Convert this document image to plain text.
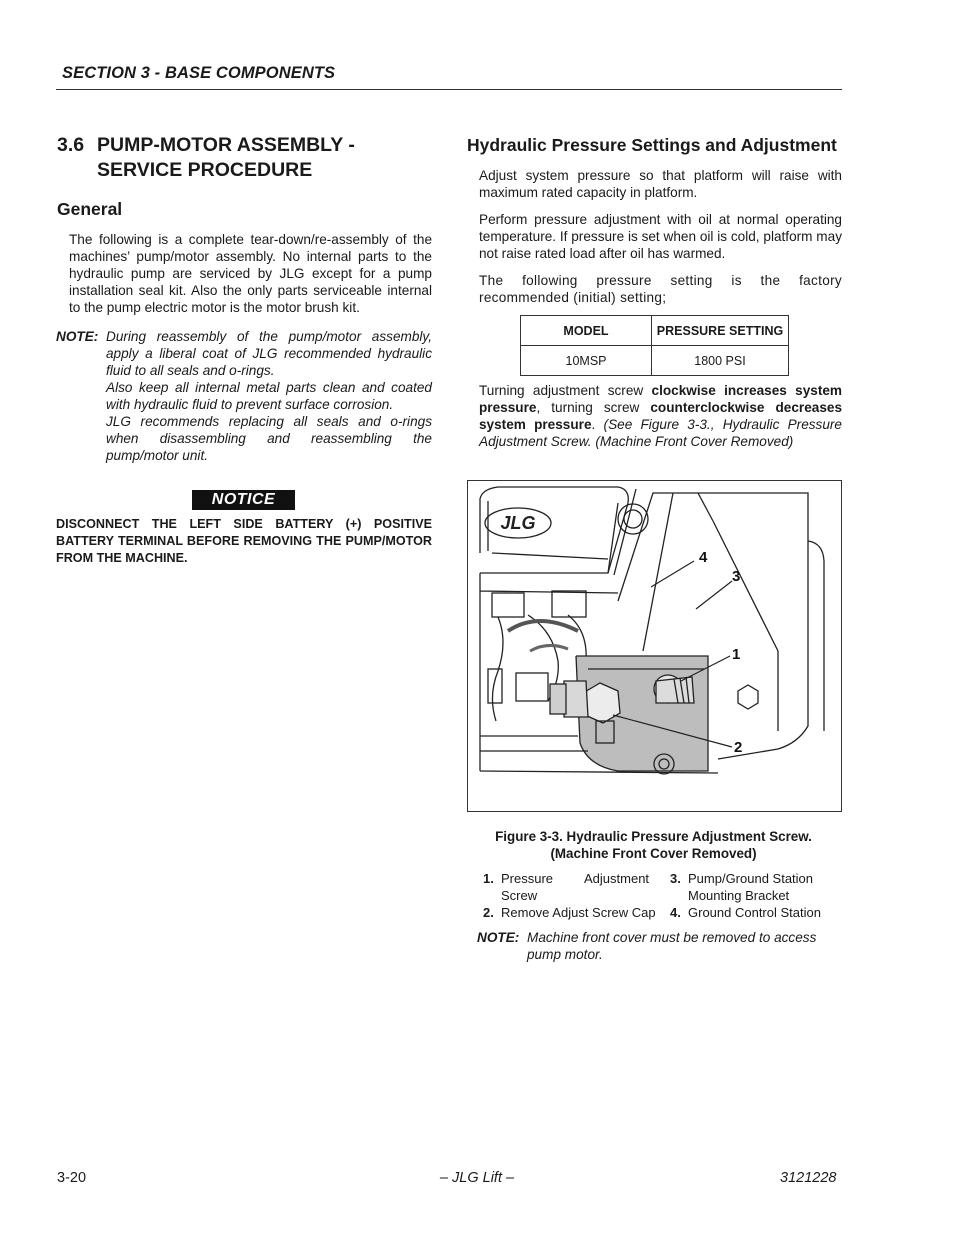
SECTION 3 - BASE COMPONENTS
3.6 PUMP-MOTOR ASSEMBLY -
SERVICE PROCEDURE
General
The following is a complete tear-down/re-assembly of the machines’ pump/motor assembly. No internal parts to the hydraulic pump are serviced by JLG except for a pump installation seal kit. Also the only parts serviceable internal to the pump electric motor is the motor brush kit.
NOTE: During reassembly of the pump/motor assembly, apply a liberal coat of JLG recommended hydraulic fluid to all seals and o-rings.

Also keep all internal metal parts clean and coated with hydraulic fluid to prevent surface corrosion.

JLG recommends replacing all seals and o-rings when disassembling and reassembling the pump/motor unit.

NOTICE
DISCONNECT THE LEFT SIDE BATTERY (+) POSITIVE BATTERY TERMINAL BEFORE REMOVING THE PUMP/MOTOR FROM THE MACHINE.
Hydraulic Pressure Settings and Adjustment
Adjust system pressure so that platform will raise with maximum rated capacity in platform.
Perform pressure adjustment with oil at normal operating temperature. If pressure is set when oil is cold, platform may not raise rated load after oil has warmed.
The following pressure setting is the factory recommended (initial) setting;
MODEL	PRESSURE SETTING
10MSP	1800 PSI
Turning adjustment screw clockwise increases system pressure, turning screw counterclockwise decreases system pressure. (See Figure 3-3., Hydraulic Pressure Adjustment Screw. (Machine Front Cover Removed)
JLG
4
3
1
2
Figure 3-3. Hydraulic Pressure Adjustment Screw.
(Machine Front Cover Removed)
1. Pressure Adjustment
Screw
2. Remove Adjust Screw Cap
3. Pump/Ground Station
Mounting Bracket
4. Ground Control Station
NOTE: Machine front cover must be removed to access pump motor.
3-20	– JLG Lift –	3121228
